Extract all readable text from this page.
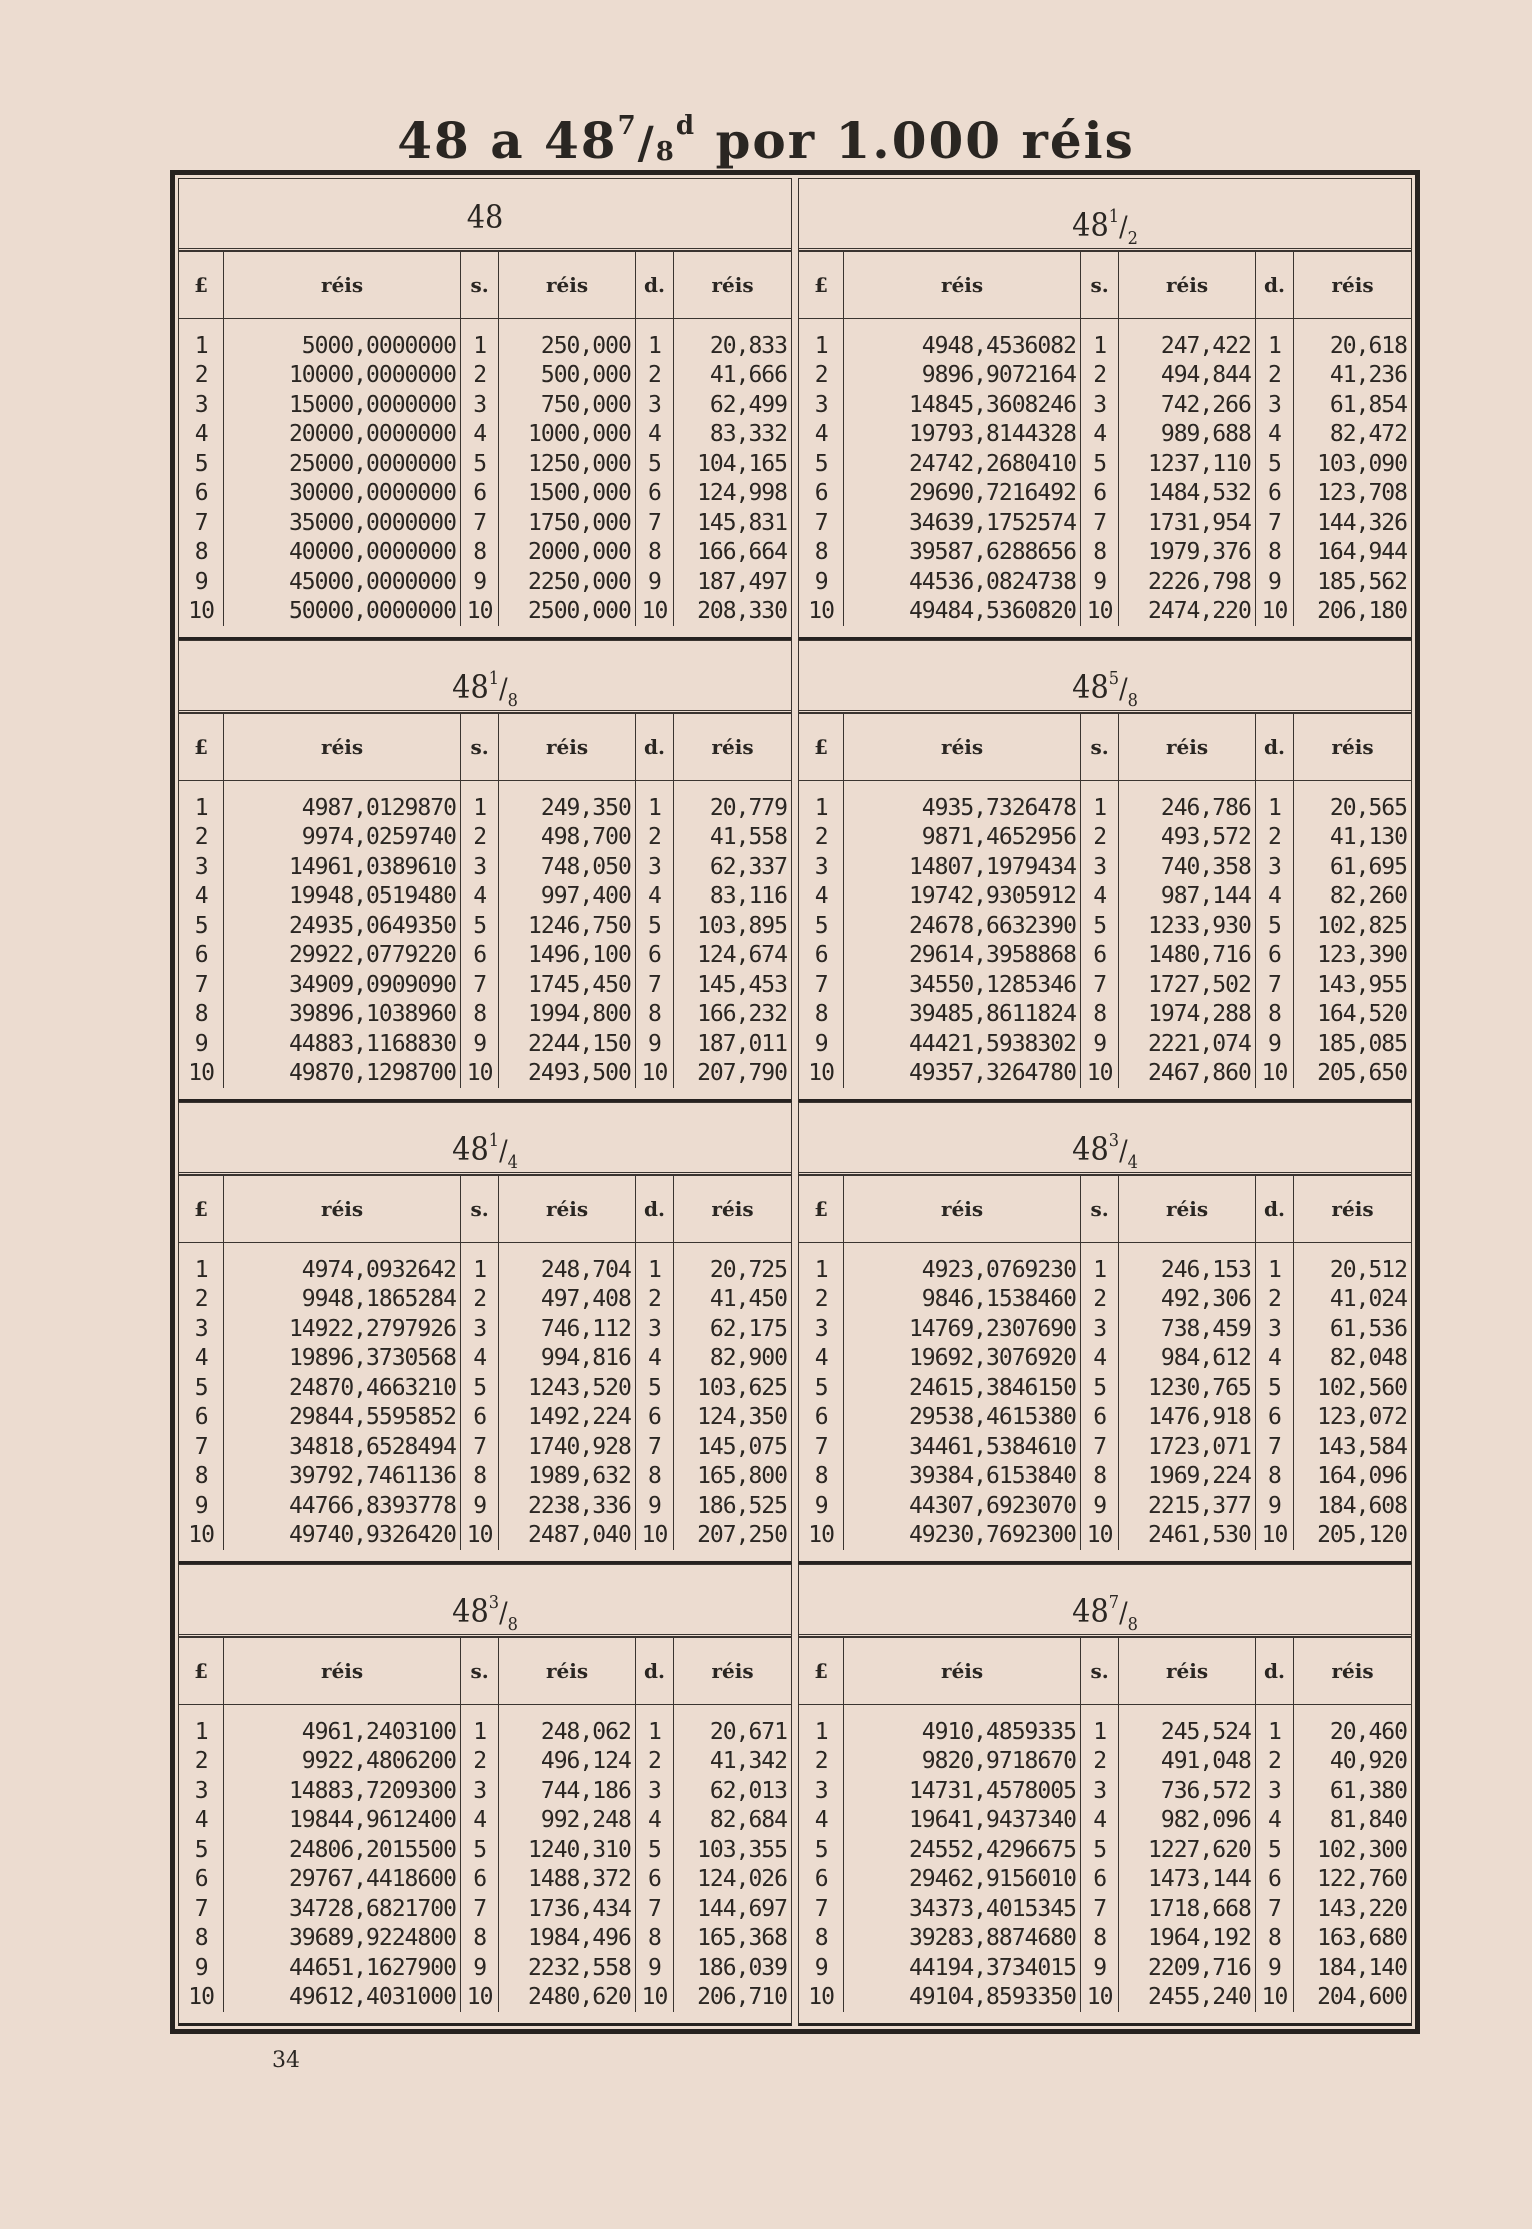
48 a $48^7/8^d$ por 1.000 réis
48
£	réis	s.	réis	d.	réis
1	5000,0000000	1	250,000	1	20,833
2	10000,0000000	2	500,000	2	41,666
3	15000,0000000	3	750,000	3	62,499
4	20000,0000000	4	1000,000	4	83,332
5	25000,0000000	5	1250,000	5	104,165
6	30000,0000000	6	1500,000	6	124,998
7	35000,0000000	7	1750,000	7	145,831
8	40000,0000000	8	2000,000	8	166,664
9	45000,0000000	9	2250,000	9	187,497
10	50000,0000000	10	2500,000	10	208,330
$48^1/_2$
£	réis	s.	réis	d.	réis
1	4948,4536082	1	247,422	1	20,618
2	9896,9072164	2	494,844	2	41,236
3	14845,3608246	3	742,266	3	61,854
4	19793,8144328	4	989,688	4	82,472
5	24742,2680410	5	1237,110	5	103,090
6	29690,7216492	6	1484,532	6	123,708
7	34639,1752574	7	1731,954	7	144,326
8	39587,6288656	8	1979,376	8	164,944
9	44536,0824738	9	2226,798	9	185,562
10	49484,5360820	10	2474,220	10	206,180
$48^1/_8$
£	réis	s.	réis	d.	réis
1	4987,0129870	1	249,350	1	20,779
2	9974,0259740	2	498,700	2	41,558
3	14961,0389610	3	748,050	3	62,337
4	19948,0519480	4	997,400	4	83,116
5	24935,0649350	5	1246,750	5	103,895
6	29922,0779220	6	1496,100	6	124,674
7	34909,0909090	7	1745,450	7	145,453
8	39896,1038960	8	1994,800	8	166,232
9	44883,1168830	9	2244,150	9	187,011
10	49870,1298700	10	2493,500	10	207,790
$48^5/_8$
£	réis	s.	réis	d.	réis
1	4935,7326478	1	246,786	1	20,565
2	9871,4652956	2	493,572	2	41,130
3	14807,1979434	3	740,358	3	61,695
4	19742,9305912	4	987,144	4	82,260
5	24678,6632390	5	1233,930	5	102,825
6	29614,3958868	6	1480,716	6	123,390
7	34550,1285346	7	1727,502	7	143,955
8	39485,8611824	8	1974,288	8	164,520
9	44421,5938302	9	2221,074	9	185,085
10	49357,3264780	10	2467,860	10	205,650
$48^1/_4$
£	réis	s.	réis	d.	réis
1	4974,0932642	1	248,704	1	20,725
2	9948,1865284	2	497,408	2	41,450
3	14922,2797926	3	746,112	3	62,175
4	19896,3730568	4	994,816	4	82,900
5	24870,4663210	5	1243,520	5	103,625
6	29844,5595852	6	1492,224	6	124,350
7	34818,6528494	7	1740,928	7	145,075
8	39792,7461136	8	1989,632	8	165,800
9	44766,8393778	9	2238,336	9	186,525
10	49740,9326420	10	2487,040	10	207,250
$48^3/_4$
£	réis	s.	réis	d.	réis
1	4923,0769230	1	246,153	1	20,512
2	9846,1538460	2	492,306	2	41,024
3	14769,2307690	3	738,459	3	61,536
4	19692,3076920	4	984,612	4	82,048
5	24615,3846150	5	1230,765	5	102,560
6	29538,4615380	6	1476,918	6	123,072
7	34461,5384610	7	1723,071	7	143,584
8	39384,6153840	8	1969,224	8	164,096
9	44307,6923070	9	2215,377	9	184,608
10	49230,7692300	10	2461,530	10	205,120
$48^3/_8$
£	réis	s.	réis	d.	réis
1	4961,2403100	1	248,062	1	20,671
2	9922,4806200	2	496,124	2	41,342
3	14883,7209300	3	744,186	3	62,013
4	19844,9612400	4	992,248	4	82,684
5	24806,2015500	5	1240,310	5	103,355
6	29767,4418600	6	1488,372	6	124,026
7	34728,6821700	7	1736,434	7	144,697
8	39689,9224800	8	1984,496	8	165,368
9	44651,1627900	9	2232,558	9	186,039
10	49612,4031000	10	2480,620	10	206,710
$48^7/_8$
£	réis	s.	réis	d.	réis
1	4910,4859335	1	245,524	1	20,460
2	9820,9718670	2	491,048	2	40,920
3	14731,4578005	3	736,572	3	61,380
4	19641,9437340	4	982,096	4	81,840
5	24552,4296675	5	1227,620	5	102,300
6	29462,9156010	6	1473,144	6	122,760
7	34373,4015345	7	1718,668	7	143,220
8	39283,8874680	8	1964,192	8	163,680
9	44194,3734015	9	2209,716	9	184,140
10	49104,8593350	10	2455,240	10	204,600
34
